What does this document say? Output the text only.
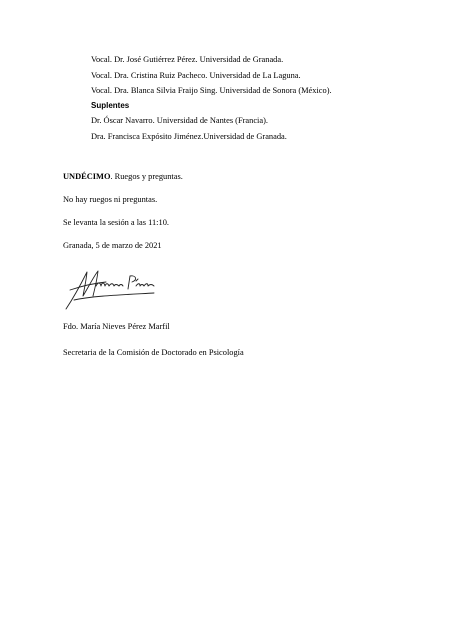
Vocal. Dr. José Gutiérrez Pérez. Universidad de Granada.

Vocal. Dra. Cristina Ruiz Pacheco. Universidad de La Laguna.

Vocal. Dra. Blanca Silvia Fraijo Sing. Universidad de Sonora (México).

Suplentes

Dr. Óscar Navarro. Universidad de Nantes (Francia).

Dra. Francisca Expósito Jiménez.Universidad de Granada.

UNDÉCIMO. Ruegos y preguntas.

No hay ruegos ni preguntas.

Se levanta la sesión a las 11:10.

Granada, 5 de marzo de 2021

Fdo. María Nieves Pérez Marfil

Secretaria de la Comisión de Doctorado en Psicología
